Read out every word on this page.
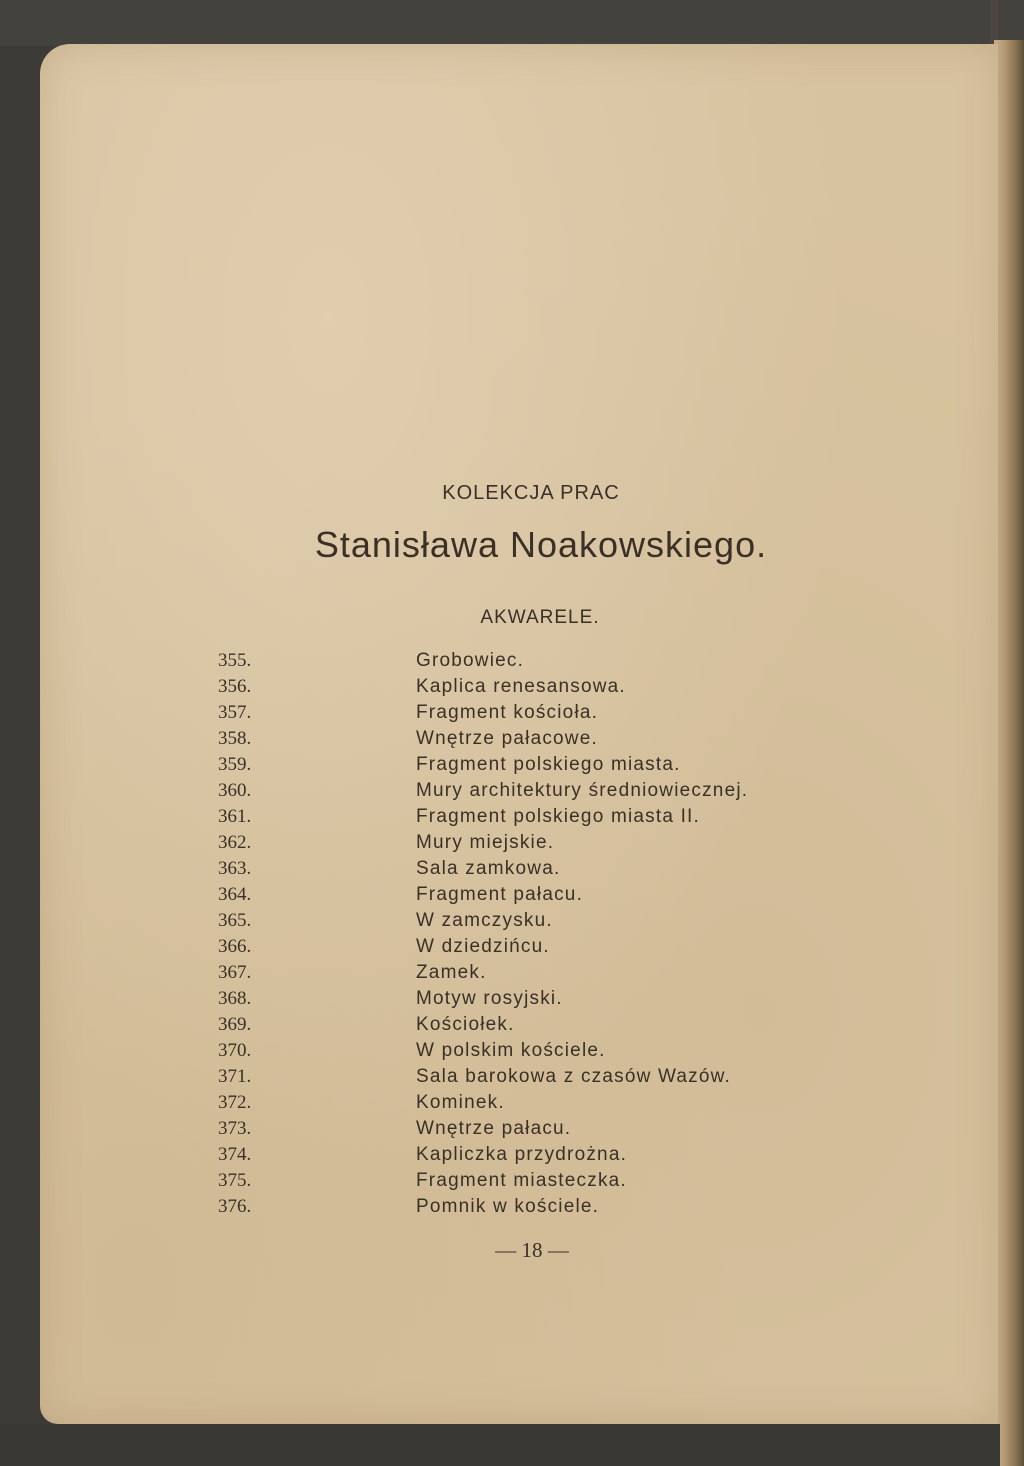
KOLEKCJA PRAC
Stanisława Noakowskiego.
AKWARELE.
355.	Grobowiec.
356.	Kaplica renesansowa.
357.	Fragment kościoła.
358.	Wnętrze pałacowe.
359.	Fragment polskiego miasta.
360.	Mury architektury średniowiecznej.
361.	Fragment polskiego miasta II.
362.	Mury miejskie.
363.	Sala zamkowa.
364.	Fragment pałacu.
365.	W zamczysku.
366.	W dziedzińcu.
367.	Zamek.
368.	Motyw rosyjski.
369.	Kościołek.
370.	W polskim kościele.
371.	Sala barokowa z czasów Wazów.
372.	Kominek.
373.	Wnętrze pałacu.
374.	Kapliczka przydrożna.
375.	Fragment miasteczka.
376.	Pomnik w kościele.
— 18 —
